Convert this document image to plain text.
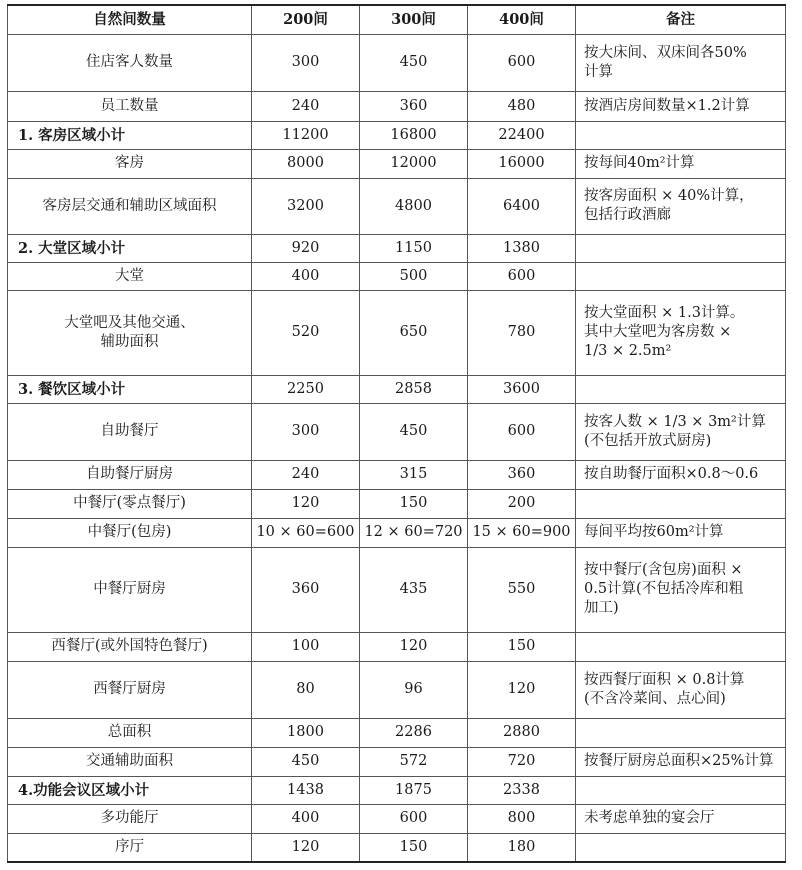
自然间数量	200间	300间	400间	备注
住店客人数量	300	450	600	按大床间、双床间各50%
计算
员工数量	240	360	480	按酒店房间数量×1.2计算
1. 客房区域小计	11200	16800	22400	
客房	8000	12000	16000	按每间40m²计算
客房层交通和辅助区域面积	3200	4800	6400	按客房面积 × 40%计算，
包括行政酒廊
2. 大堂区域小计	920	1150	1380	
大堂	400	500	600	
大堂吧及其他交通、
辅助面积	520	650	780	按大堂面积 × 1.3计算。
其中大堂吧为客房数 ×
1/3 × 2.5m²
3. 餐饮区域小计	2250	2858	3600	
自助餐厅	300	450	600	按客人数 × 1/3 × 3m²计算
(不包括开放式厨房)
自助餐厅厨房	240	315	360	按自助餐厅面积×0.8～0.6
中餐厅(零点餐厅)	120	150	200	
中餐厅(包房)	10 × 60=600	12 × 60=720	15 × 60=900	每间平均按60m²计算
中餐厅厨房	360	435	550	按中餐厅(含包房)面积 ×
0.5计算(不包括冷库和粗
加工)
西餐厅(或外国特色餐厅)	100	120	150	
西餐厅厨房	80	96	120	按西餐厅面积 × 0.8计算
(不含冷菜间、点心间)
总面积	1800	2286	2880	
交通辅助面积	450	572	720	按餐厅厨房总面积×25%计算
4.功能会议区域小计	1438	1875	2338	
多功能厅	400	600	800	未考虑单独的宴会厅
序厅	120	150	180	
